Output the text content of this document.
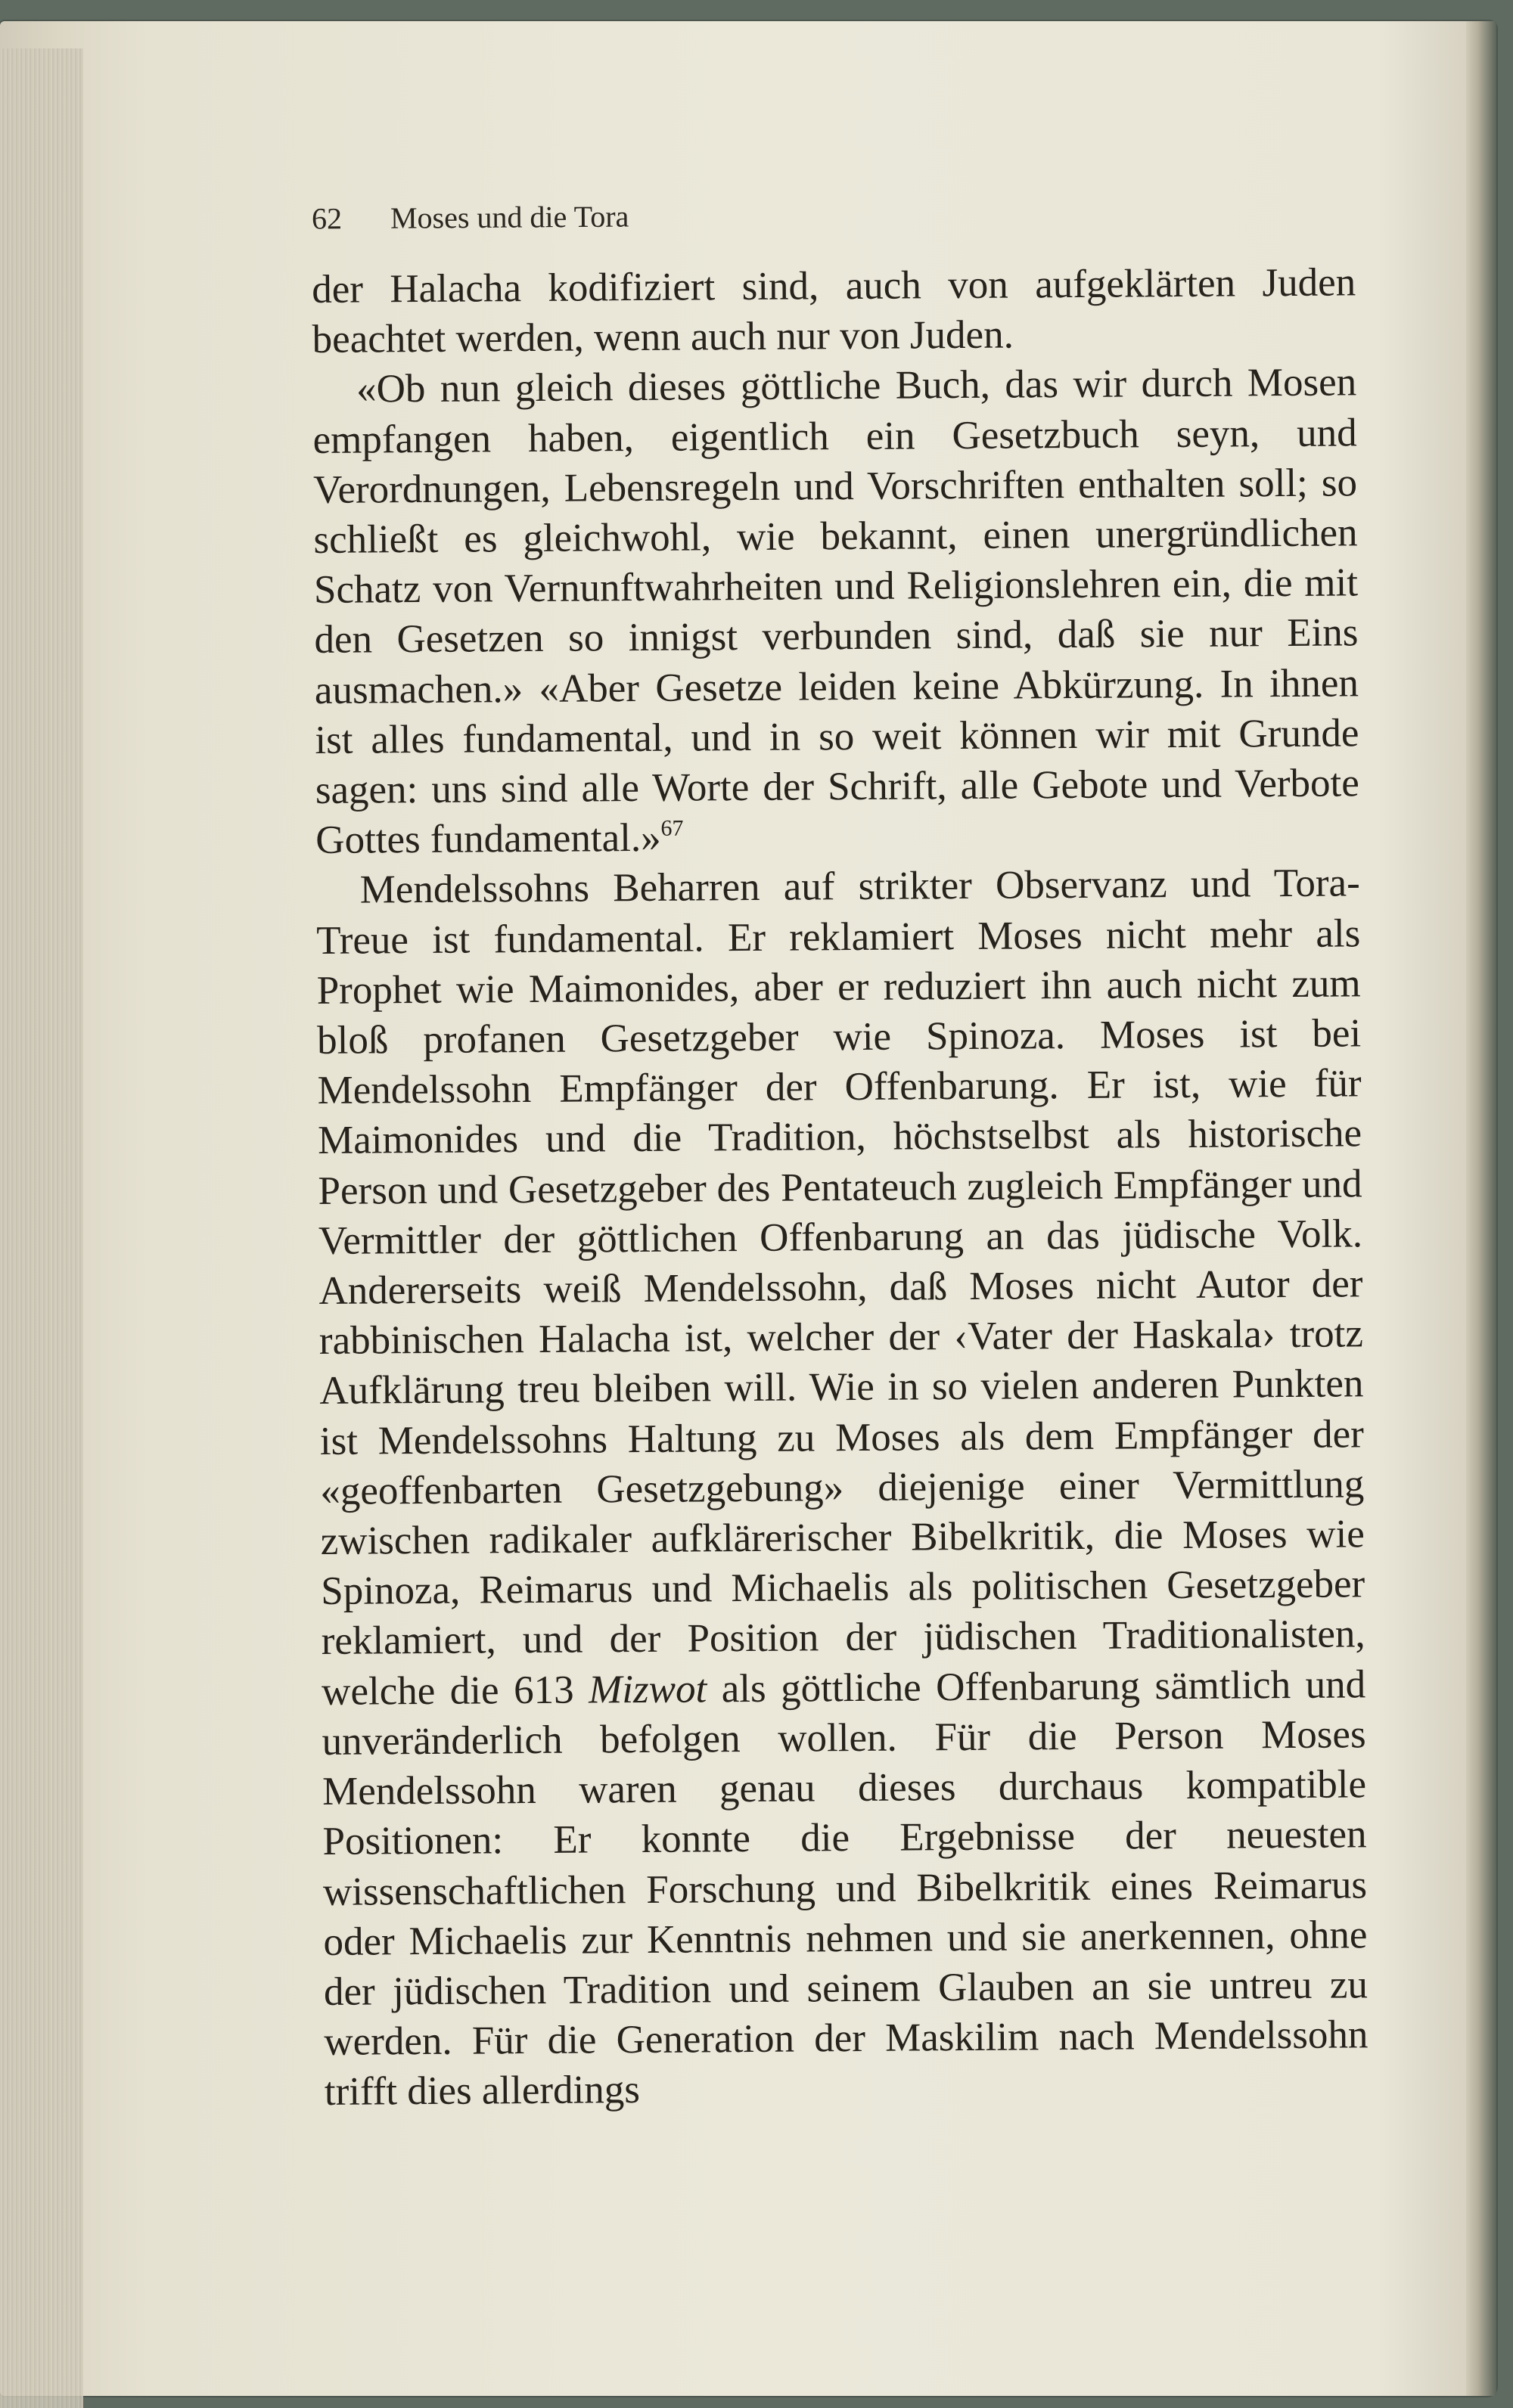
62 Moses und die Tora

der Halacha kodifiziert sind, auch von aufgeklärten Juden beachtet werden, wenn auch nur von Juden.

«Ob nun gleich dieses göttliche Buch, das wir durch Mosen empfangen haben, eigentlich ein Gesetzbuch seyn, und Verordnungen, Lebensregeln und Vorschriften enthalten soll; so schließt es gleichwohl, wie bekannt, einen unergründlichen Schatz von Vernunftwahrheiten und Religionslehren ein, die mit den Gesetzen so innigst verbunden sind, daß sie nur Eins ausmachen.» «Aber Gesetze leiden keine Abkürzung. In ihnen ist alles fundamental, und in so weit können wir mit Grunde sagen: uns sind alle Worte der Schrift, alle Gebote und Verbote Gottes fundamental.»$^{67}$

Mendelssohns Beharren auf strikter Observanz und Tora-Treue ist fundamental. Er reklamiert Moses nicht mehr als Prophet wie Maimonides, aber er reduziert ihn auch nicht zum bloß profanen Gesetzgeber wie Spinoza. Moses ist bei Mendelssohn Empfänger der Offenbarung. Er ist, wie für Maimonides und die Tradition, höchstselbst als historische Person und Gesetzgeber des Pentateuch zugleich Empfänger und Vermittler der göttlichen Offenbarung an das jüdische Volk. Andererseits weiß Mendelssohn, daß Moses nicht Autor der rabbinischen Halacha ist, welcher der ‹Vater der Haskala› trotz Aufklärung treu bleiben will. Wie in so vielen anderen Punkten ist Mendelssohns Haltung zu Moses als dem Empfänger der «geoffenbarten Gesetzgebung» diejenige einer Vermittlung zwischen radikaler aufklärerischer Bibelkritik, die Moses wie Spinoza, Reimarus und Michaelis als politischen Gesetzgeber reklamiert, und der Position der jüdischen Traditionalisten, welche die 613 Mizwot als göttliche Offenbarung sämtlich und unveränderlich befolgen wollen. Für die Person Moses Mendelssohn waren genau dieses durchaus kompatible Positionen: Er konnte die Ergebnisse der neuesten wissenschaftlichen Forschung und Bibelkritik eines Reimarus oder Michaelis zur Kenntnis nehmen und sie anerkennen, ohne der jüdischen Tradition und seinem Glauben an sie untreu zu werden. Für die Generation der Maskilim nach Mendelssohn trifft dies allerdings
